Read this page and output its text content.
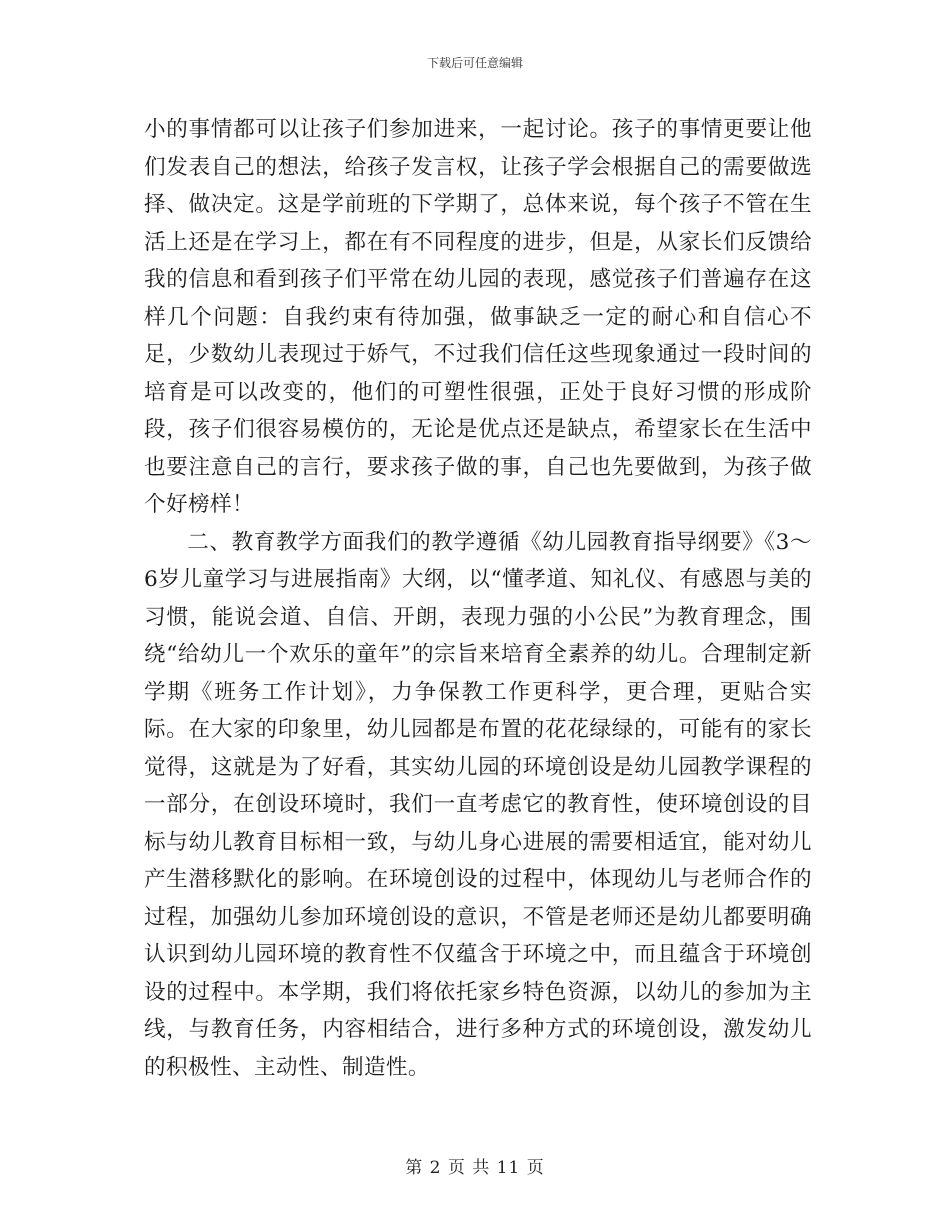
下载后可任意编辑

小的事情都可以让孩子们参加进来，一起讨论。孩子的事情更要让他们发表自己的想法，给孩子发言权，让孩子学会根据自己的需要做选择、做决定。这是学前班的下学期了，总体来说，每个孩子不管在生活上还是在学习上，都在有不同程度的进步，但是，从家长们反馈给我的信息和看到孩子们平常在幼儿园的表现，感觉孩子们普遍存在这样几个问题：自我约束有待加强，做事缺乏一定的耐心和自信心不足，少数幼儿表现过于娇气，不过我们信任这些现象通过一段时间的培育是可以改变的，他们的可塑性很强，正处于良好习惯的形成阶段，孩子们很容易模仿的，无论是优点还是缺点，希望家长在生活中也要注意自己的言行，要求孩子做的事，自己也先要做到，为孩子做个好榜样！

二、教育教学方面我们的教学遵循《幼儿园教育指导纲要》《3～6岁儿童学习与进展指南》大纲，以“懂孝道、知礼仪、有感恩与美的习惯，能说会道、自信、开朗，表现力强的小公民”为教育理念，围绕“给幼儿一个欢乐的童年”的宗旨来培育全素养的幼儿。合理制定新学期《班务工作计划》，力争保教工作更科学，更合理，更贴合实际。在大家的印象里，幼儿园都是布置的花花绿绿的，可能有的家长觉得，这就是为了好看，其实幼儿园的环境创设是幼儿园教学课程的一部分，在创设环境时，我们一直考虑它的教育性，使环境创设的目标与幼儿教育目标相一致，与幼儿身心进展的需要相适宜，能对幼儿产生潜移默化的影响。在环境创设的过程中，体现幼儿与老师合作的过程，加强幼儿参加环境创设的意识，不管是老师还是幼儿都要明确认识到幼儿园环境的教育性不仅蕴含于环境之中，而且蕴含于环境创设的过程中。本学期，我们将依托家乡特色资源，以幼儿的参加为主线，与教育任务，内容相结合，进行多种方式的环境创设，激发幼儿的积极性、主动性、制造性。

第 2 页 共 11 页
